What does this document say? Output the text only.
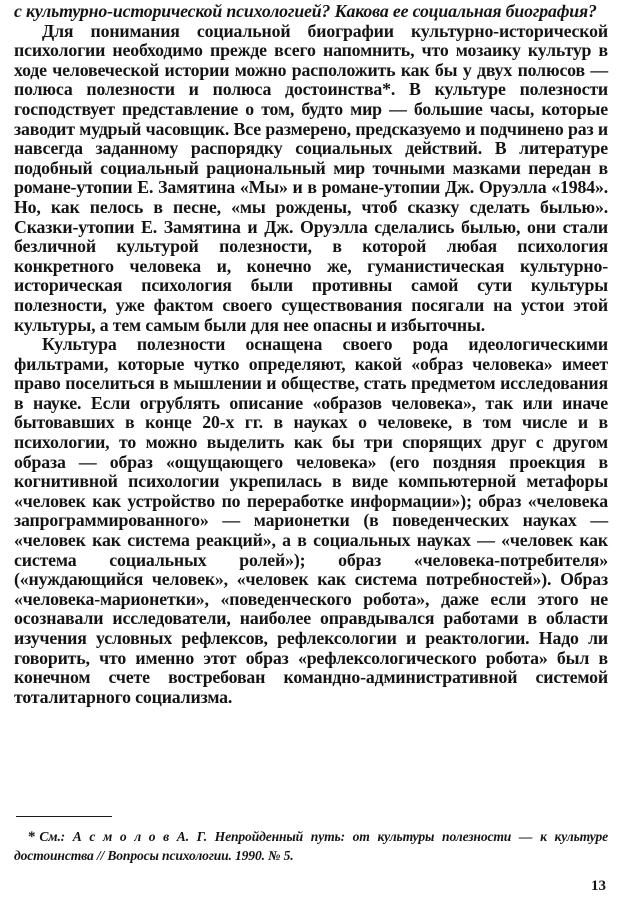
с культурно-исторической психологией? Какова ее социальная биография?

Для понимания социальной биографии культурно-исторической психологии необходимо прежде всего напомнить, что мозаику культур в ходе человеческой истории можно расположить как бы у двух полюсов — полюса полезности и полюса достоинства*. В культуре полезности господствует представление о том, будто мир — большие часы, которые заводит мудрый часовщик. Все размерено, предсказуемо и подчинено раз и навсегда заданному распорядку социальных действий. В литературе подобный социальный рациональный мир точными мазками передан в романе-утопии Е. Замятина «Мы» и в романе-утопии Дж. Оруэлла «1984». Но, как пелось в песне, «мы рождены, чтоб сказку сделать былью». Сказки-утопии Е. Замятина и Дж. Оруэлла сделались былью, они стали безличной культурой полезности, в которой любая психология конкретного человека и, конечно же, гуманистическая культурно-историческая психология были противны самой сути культуры полезности, уже фактом своего существования посягали на устои этой культуры, а тем самым были для нее опасны и избыточны.

Культура полезности оснащена своего рода идеологическими фильтрами, которые чутко определяют, какой «образ человека» имеет право поселиться в мышлении и обществе, стать предметом исследования в науке. Если огрублять описание «образов человека», так или иначе бытовавших в конце 20-х гг. в науках о человеке, в том числе и в психологии, то можно выделить как бы три спорящих друг с другом образа — образ «ощущающего человека» (его поздняя проекция в когнитивной психологии укрепилась в виде компьютерной метафоры «человек как устройство по переработке информации»); образ «человека запрограммированного» — марионетки (в поведенческих науках — «человек как система реакций», а в социальных науках — «человек как система социальных ролей»); образ «человека-потребителя» («нуждающийся человек», «человек как система потребностей»). Образ «человека-марионетки», «поведенческого робота», даже если этого не осознавали исследователи, наиболее оправдывался работами в области изучения условных рефлексов, рефлексологии и реактологии. Надо ли говорить, что именно этот образ «рефлексологического робота» был в конечном счете востребован командно-административной системой тоталитарного социализма.

* См.: А с м о л о в А. Г. Непройденный путь: от культуры полезности — к культуре достоинства // Вопросы психологии. 1990. № 5.
13
